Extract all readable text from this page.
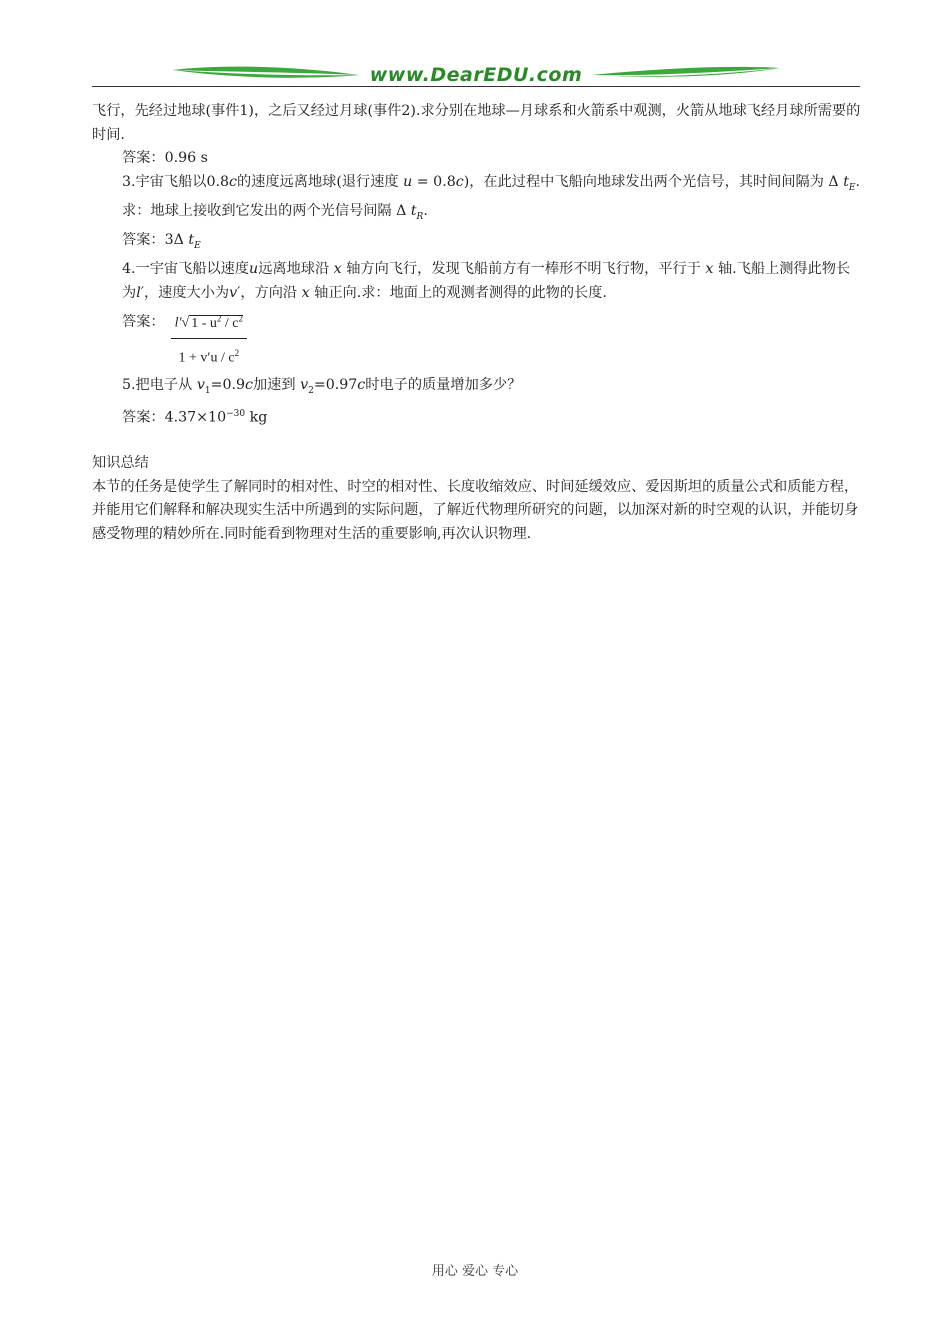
www.DearEDU.com

飞行，先经过地球(事件1)，之后又经过月球(事件2).求分别在地球—月球系和火箭系中观测，火箭从地球飞经月球所需要的时间.

答案：0.96 s

3.宇宙飞船以0.8c的速度远离地球(退行速度 u = 0.8c)，在此过程中飞船向地球发出两个光信号，其时间间隔为 Δ $t_E$.求：地球上接收到它发出的两个光信号间隔 Δ $t_R$.

答案：3Δ $t_E$

4.一宇宙飞船以速度u远离地球沿 x 轴方向飞行，发现飞船前方有一棒形不明飞行物，平行于 x 轴.飞船上测得此物长为l′，速度大小为v′，方向沿 x 轴正向.求：地面上的观测者测得的此物的长度.

答案： $\frac{l'√ 1 - u^2 / c^2}{1 + v'u / c^2}$

5.把电子从 $v_1=0.9c$加速到 $v_2=0.97c$时电子的质量增加多少？

答案：$4.37\times 10^{-30}$ kg

知识总结

本节的任务是使学生了解同时的相对性、时空的相对性、长度收缩效应、时间延缓效应、爱因斯坦的质量公式和质能方程，并能用它们解释和解决现实生活中所遇到的实际问题，了解近代物理所研究的问题，以加深对新的时空观的认识，并能切身感受物理的精妙所在.同时能看到物理对生活的重要影响,再次认识物理.

用心 爱心 专心
